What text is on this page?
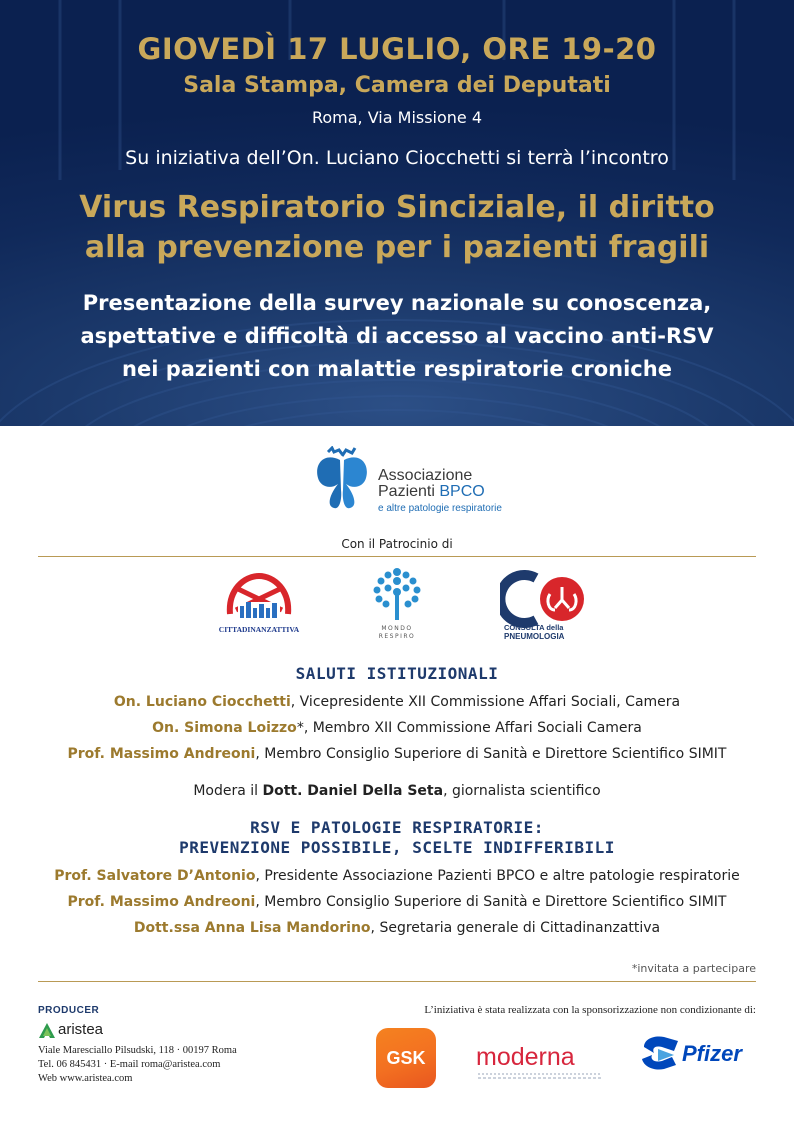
GIOVEDÌ 17 LUGLIO, ORE 19-20
Sala Stampa, Camera dei Deputati
Roma, Via Missione 4
Su iniziativa dell’On. Luciano Ciocchetti si terrà l’incontro
Virus Respiratorio Sinciziale, il diritto
alla prevenzione per i pazienti fragili
Presentazione della survey nazionale su conoscenza,
aspettative e difficoltà di accesso al vaccino anti-RSV
nei pazienti con malattie respiratorie croniche
Associazione
Pazienti BPCO
e altre patologie respiratorie
Con il Patrocinio di
CITTADINANZATTIVA	MONDO
RESPIRO
CONSULTA della
PNEUMOLOGIA
SALUTI ISTITUZIONALI
On. Luciano Ciocchetti, Vicepresidente XII Commissione Affari Sociali, Camera
On. Simona Loizzo*, Membro XII Commissione Affari Sociali Camera
Prof. Massimo Andreoni, Membro Consiglio Superiore di Sanità e Direttore Scientifico SIMIT
Modera il Dott. Daniel Della Seta, giornalista scientifico
RSV E PATOLOGIE RESPIRATORIE:
PREVENZIONE POSSIBILE, SCELTE INDIFFERIBILI
Prof. Salvatore D’Antonio, Presidente Associazione Pazienti BPCO e altre patologie respiratorie
Prof. Massimo Andreoni, Membro Consiglio Superiore di Sanità e Direttore Scientifico SIMIT
Dott.ssa Anna Lisa Mandorino, Segretaria generale di Cittadinanzattiva
*invitata a partecipare
PRODUCER
aristea
Viale Maresciallo Pilsudski, 118 · 00197 Roma
Tel. 06 845431 · E-mail roma@aristea.com
Web www.aristea.com
L’iniziativa è stata realizzata con la sponsorizzazione non condizionante di:
GSK	moderna	Pfizer
